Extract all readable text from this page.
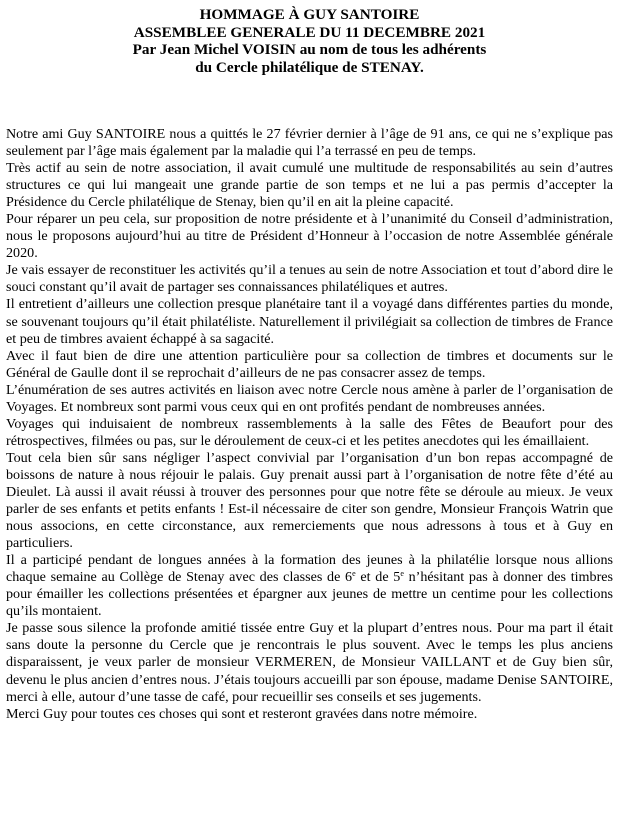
HOMMAGE À GUY SANTOIRE
ASSEMBLEE GENERALE DU 11 DECEMBRE 2021
Par Jean Michel VOISIN au nom de tous les adhérents
du Cercle philatélique de STENAY.

Notre ami Guy SANTOIRE nous a quittés le 27 février dernier à l’âge de 91 ans, ce qui ne s’explique pas seulement par l’âge mais également par la maladie qui l’a terrassé en peu de temps.

Très actif au sein de notre association, il avait cumulé une multitude de responsabilités au sein d’autres structures ce qui lui mangeait une grande partie de son temps et ne lui a pas permis d’accepter la Présidence du Cercle philatélique de Stenay, bien qu’il en ait la pleine capacité.

Pour réparer un peu cela, sur proposition de notre présidente et à l’unanimité du Conseil d’administration, nous le proposons aujourd’hui au titre de Président d’Honneur à l’occasion de notre Assemblée générale 2020.

Je vais essayer de reconstituer les activités qu’il a tenues au sein de notre Association et tout d’abord dire le souci constant qu’il avait de partager ses connaissances philatéliques et autres.

Il entretient d’ailleurs une collection presque planétaire tant il a voyagé dans différentes parties du monde, se souvenant toujours qu’il était philatéliste. Naturellement il privilégiait sa collection de timbres de France et peu de timbres avaient échappé à sa sagacité.

Avec il faut bien de dire une attention particulière pour sa collection de timbres et documents sur le Général de Gaulle dont il se reprochait d’ailleurs de ne pas consacrer assez de temps.

L’énumération de ses autres activités en liaison avec notre Cercle nous amène à parler de l’organisation de Voyages. Et nombreux sont parmi vous ceux qui en ont profités pendant de nombreuses années.

Voyages qui induisaient de nombreux rassemblements à la salle des Fêtes de Beaufort pour des rétrospectives, filmées ou pas, sur le déroulement de ceux-ci et les petites anecdotes qui les émaillaient.

Tout cela bien sûr sans négliger l’aspect convivial par l’organisation d’un bon repas accompagné de boissons de nature à nous réjouir le palais. Guy prenait aussi part à l’organisation de notre fête d’été au Dieulet. Là aussi il avait réussi à trouver des personnes pour que notre fête se déroule au mieux. Je veux parler de ses enfants et petits enfants ! Est-il nécessaire de citer son gendre, Monsieur François Watrin que nous associons, en cette circonstance, aux remerciements que nous adressons à tous et à Guy en particuliers.

Il a participé pendant de longues années à la formation des jeunes à la philatélie lorsque nous allions chaque semaine au Collège de Stenay avec des classes de 6e et de 5e n’hésitant pas à donner des timbres pour émailler les collections présentées et épargner aux jeunes de mettre un centime pour les collections qu’ils montaient.

Je passe sous silence la profonde amitié tissée entre Guy et la plupart d’entres nous. Pour ma part il était sans doute la personne du Cercle que je rencontrais le plus souvent. Avec le temps les plus anciens disparaissent, je veux parler de monsieur VERMEREN, de Monsieur VAILLANT et de Guy bien sûr, devenu le plus ancien d’entres nous. J’étais toujours accueilli par son épouse, madame Denise SANTOIRE, merci à elle, autour d’une tasse de café, pour recueillir ses conseils et ses jugements.

Merci Guy pour toutes ces choses qui sont et resteront gravées dans notre mémoire.
